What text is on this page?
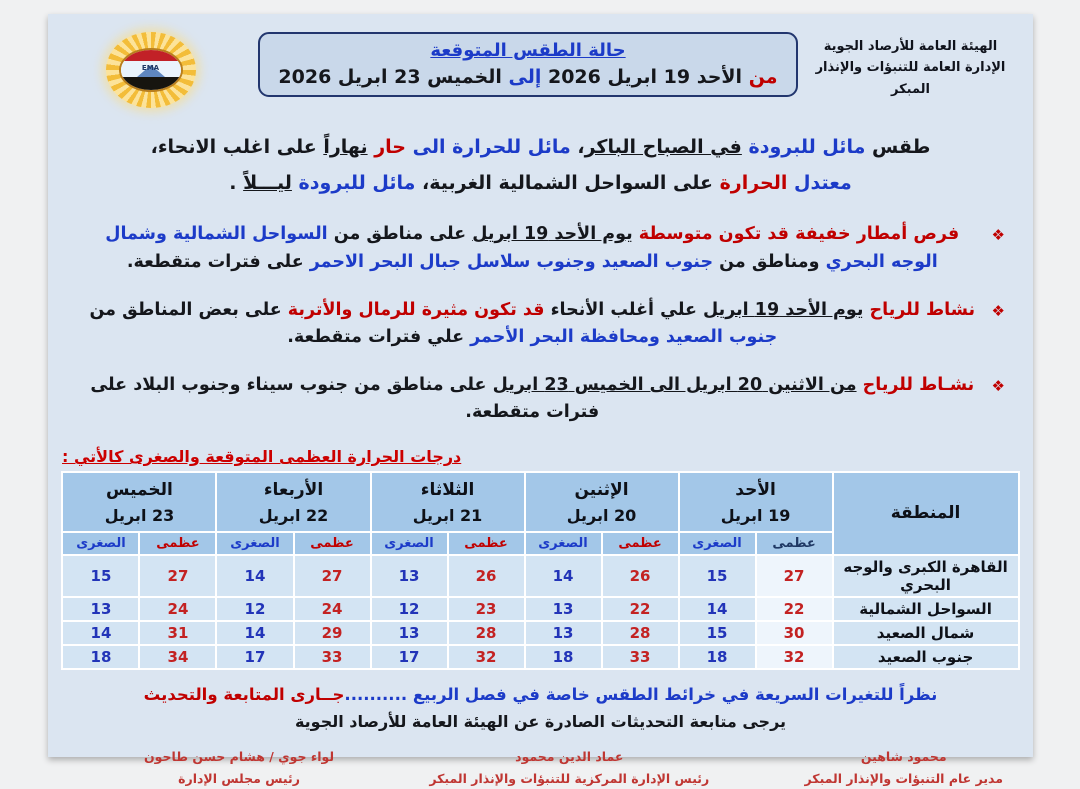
الهيئة العامة للأرصاد الجوية
الإدارة العامة للتنبؤات والإنذار المبكر
حالة الطقس المتوقعة
من الأحد 19 ابريل 2026 إلى الخميس 23 ابريل 2026
EMA
طقس مائل للبرودة في الصباح الباكر، مائل للحرارة الى حار نهاراً على اغلب الانحاء،
معتدل الحرارة على السواحل الشمالية الغربية، مائل للبرودة ليـــلاً .
❖
فرص أمطار خفيفة قد تكون متوسطة يوم الأحد 19 ابريل على مناطق من السواحل الشمالية وشمال الوجه البحري ومناطق من جنوب الصعيد وجنوب سلاسل جبال البحر الاحمر على فترات متقطعة.
❖
نشاط للرياح يوم الأحد 19 ابريل علي أغلب الأنحاء قد تكون مثيرة للرمال والأتربة على بعض المناطق من جنوب الصعيد ومحافظة البحر الأحمر علي فترات متقطعة.
❖
نشـاط للرياح من الاثنين 20 ابريل الى الخميس 23 ابريل على مناطق من جنوب سيناء وجنوب البلاد على فترات متقطعة.
درجات الحرارة العظمى المتوقعة والصغرى كالأتي :
المنطقة	
الأحد
19 ابريل

الإثنين
20 ابريل

الثلاثاء
21 ابريل

الأربعاء
22 ابريل

الخميس
23 ابريل

	عظمى	الصغرى	عظمى	الصغرى	عظمى	الصغرى	عظمى	الصغرى	عظمى	الصغرى
القاهرة الكبرى والوجه البحري	27	15	26	14	26	13	27	14	27	15
السواحل الشمالية	22	14	22	13	23	12	24	12	24	13
شمال الصعيد	30	15	28	13	28	13	29	14	31	14
جنوب الصعيد	32	18	33	18	32	17	33	17	34	18
نظراً للتغيرات السريعة في خرائط الطقس خاصة في فصل الربيع ..........جــارى المتابعة والتحديث
يرجى متابعة التحديثات الصادرة عن الهيئة العامة للأرصاد الجوية
محمود شاهين
مدير عام التنبؤات والإنذار المبكر
عماد الدين محمود
رئيس الإدارة المركزية للتنبؤات والإنذار المبكر
لواء جوي / هشام حسن طاحون
رئيس مجلس الإدارة
